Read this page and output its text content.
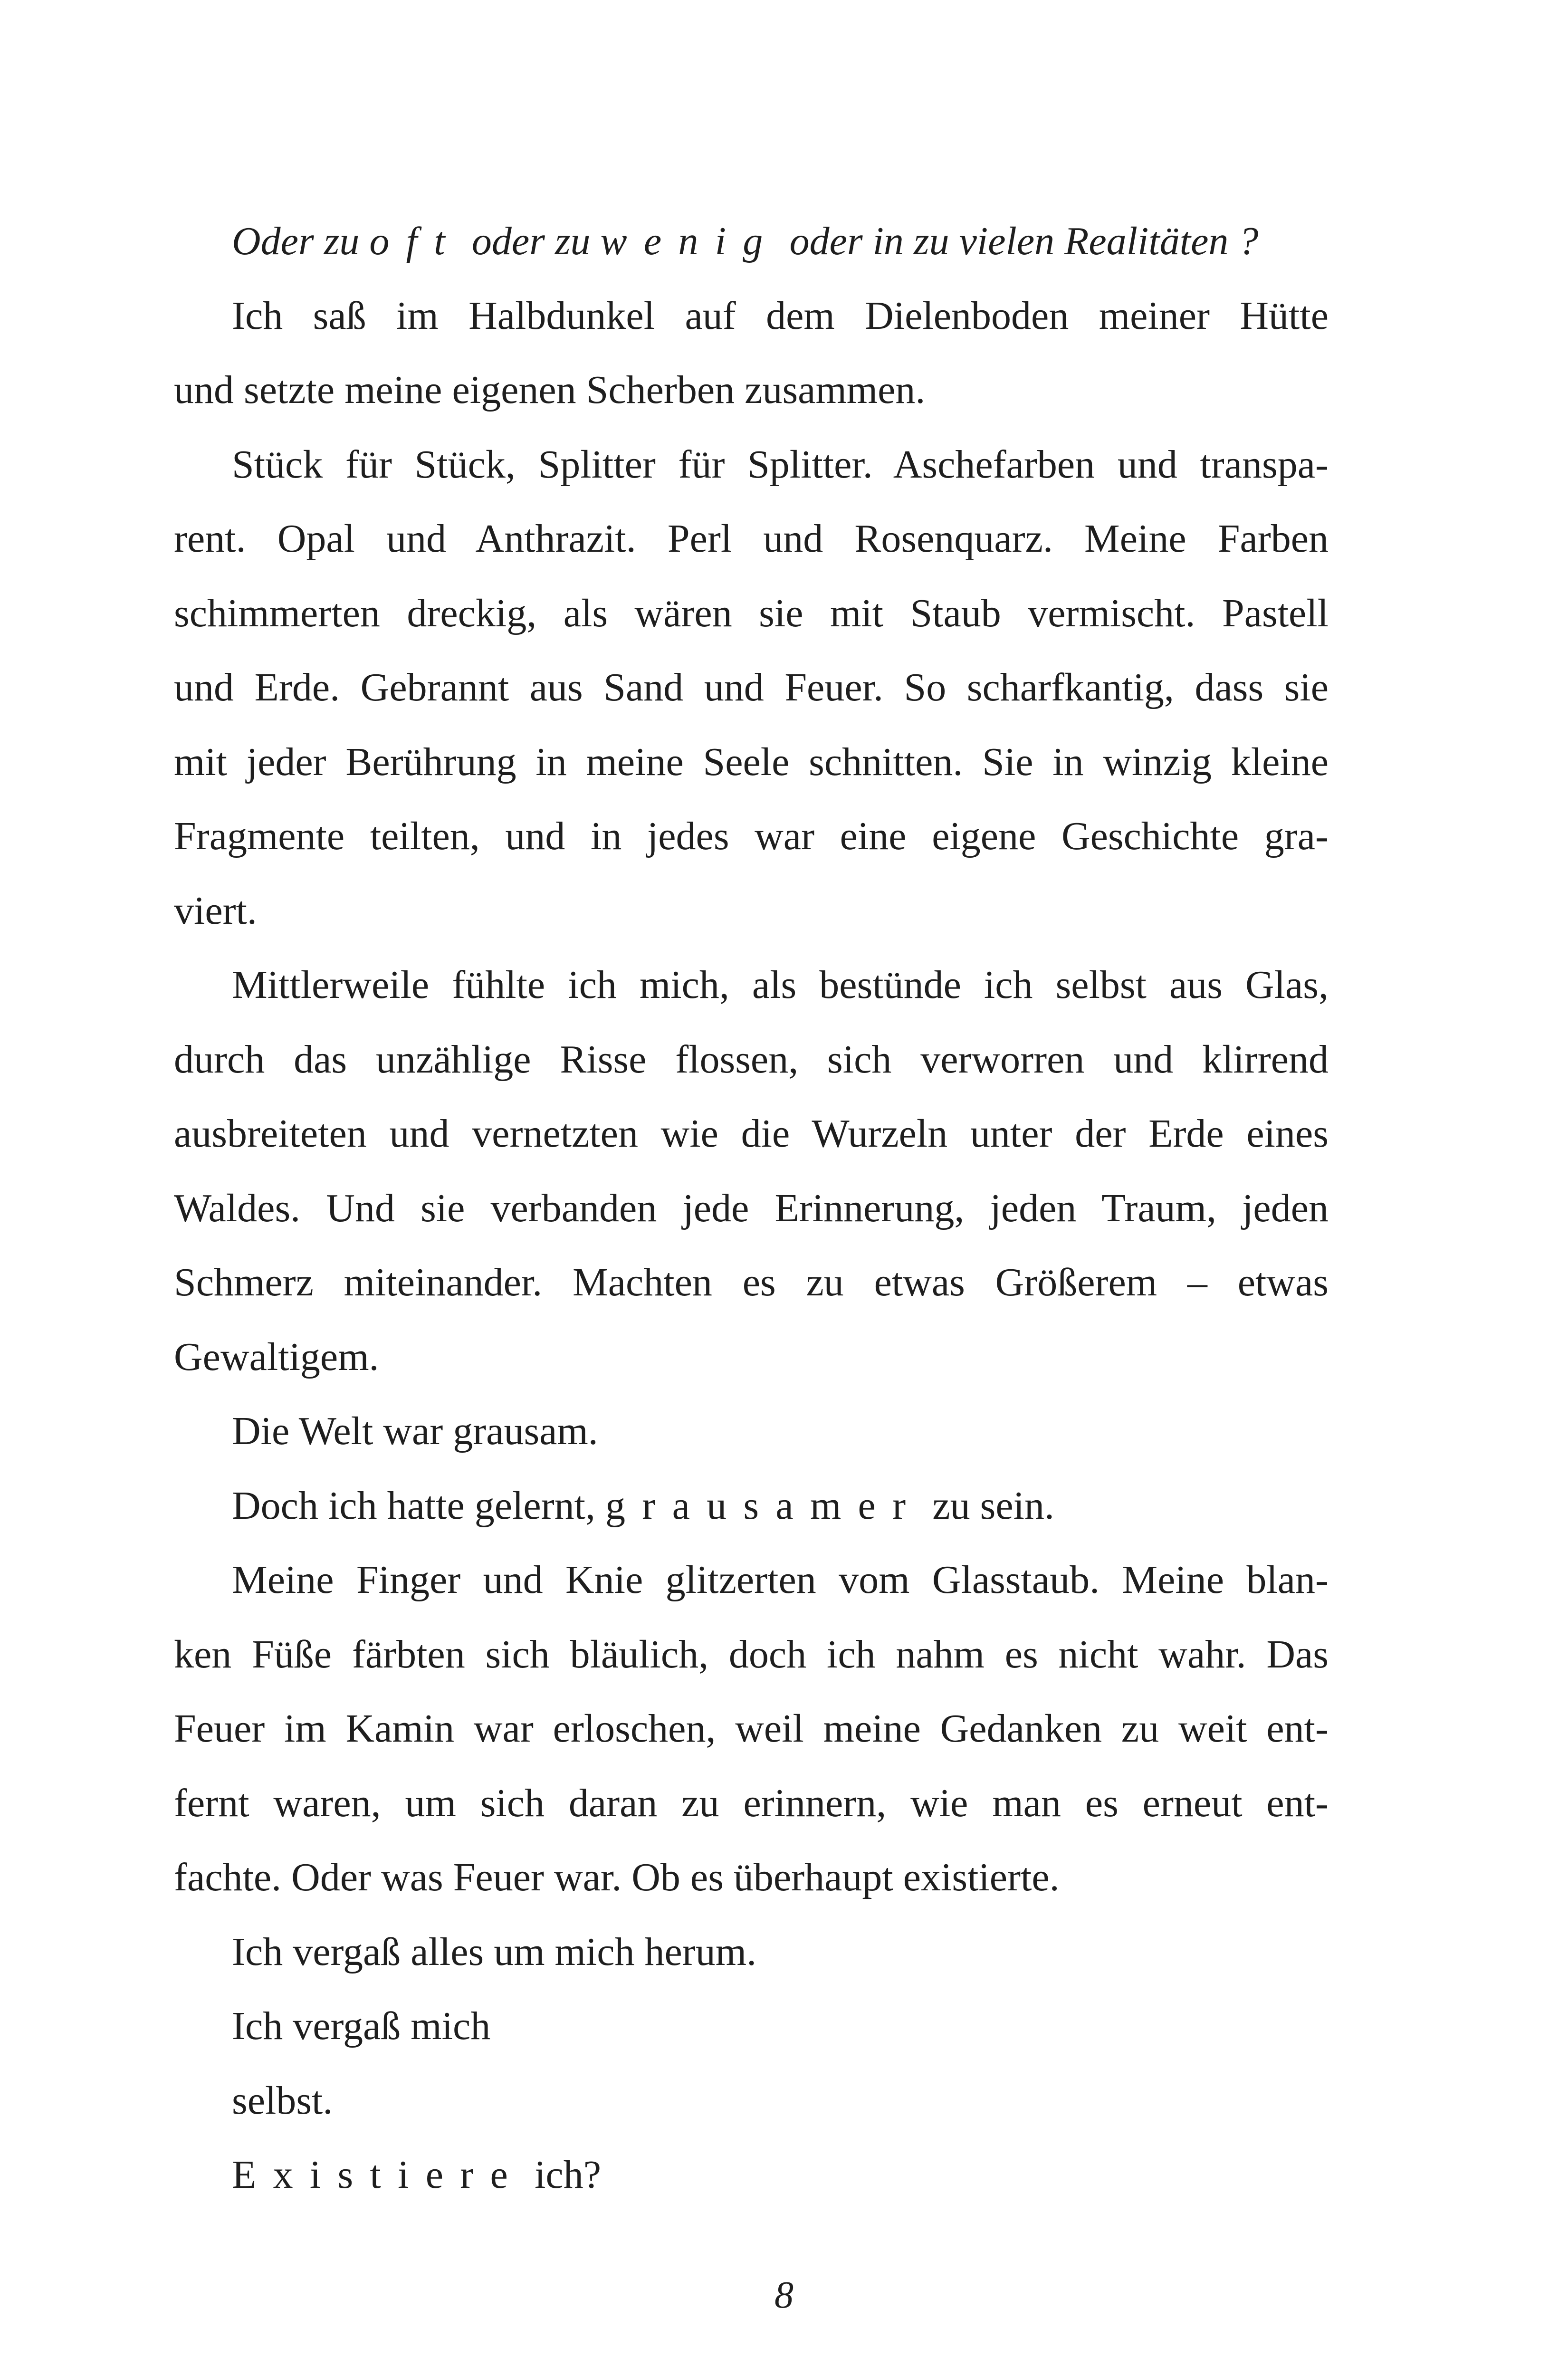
Oder zu oft oder zu wenig oder in zu vielen Realitäten ?
Ich saß im Halbdunkel auf dem Dielenboden meiner Hütte
und setzte meine eigenen Scherben zusammen.
Stück für Stück, Splitter für Splitter. Aschefarben und transpa-
rent. Opal und Anthrazit. Perl und Rosenquarz. Meine Farben
schimmerten dreckig, als wären sie mit Staub vermischt. Pastell
und Erde. Gebrannt aus Sand und Feuer. So scharfkantig, dass sie
mit jeder Berührung in meine Seele schnitten. Sie in winzig kleine
Fragmente teilten, und in jedes war eine eigene Geschichte gra-
viert.
Mittlerweile fühlte ich mich, als bestünde ich selbst aus Glas,
durch das unzählige Risse flossen, sich verworren und klirrend
ausbreiteten und vernetzten wie die Wurzeln unter der Erde eines
Waldes. Und sie verbanden jede Erinnerung, jeden Traum, jeden
Schmerz miteinander. Machten es zu etwas Größerem – etwas
Gewaltigem.
Die Welt war grausam.
Doch ich hatte gelernt, grausamer zu sein.
Meine Finger und Knie glitzerten vom Glasstaub. Meine blan-
ken Füße färbten sich bläulich, doch ich nahm es nicht wahr. Das
Feuer im Kamin war erloschen, weil meine Gedanken zu weit ent-
fernt waren, um sich daran zu erinnern, wie man es erneut ent-
fachte. Oder was Feuer war. Ob es überhaupt existierte.
Ich vergaß alles um mich herum.
Ich vergaß mich
selbst.
Existiere ich?
8
